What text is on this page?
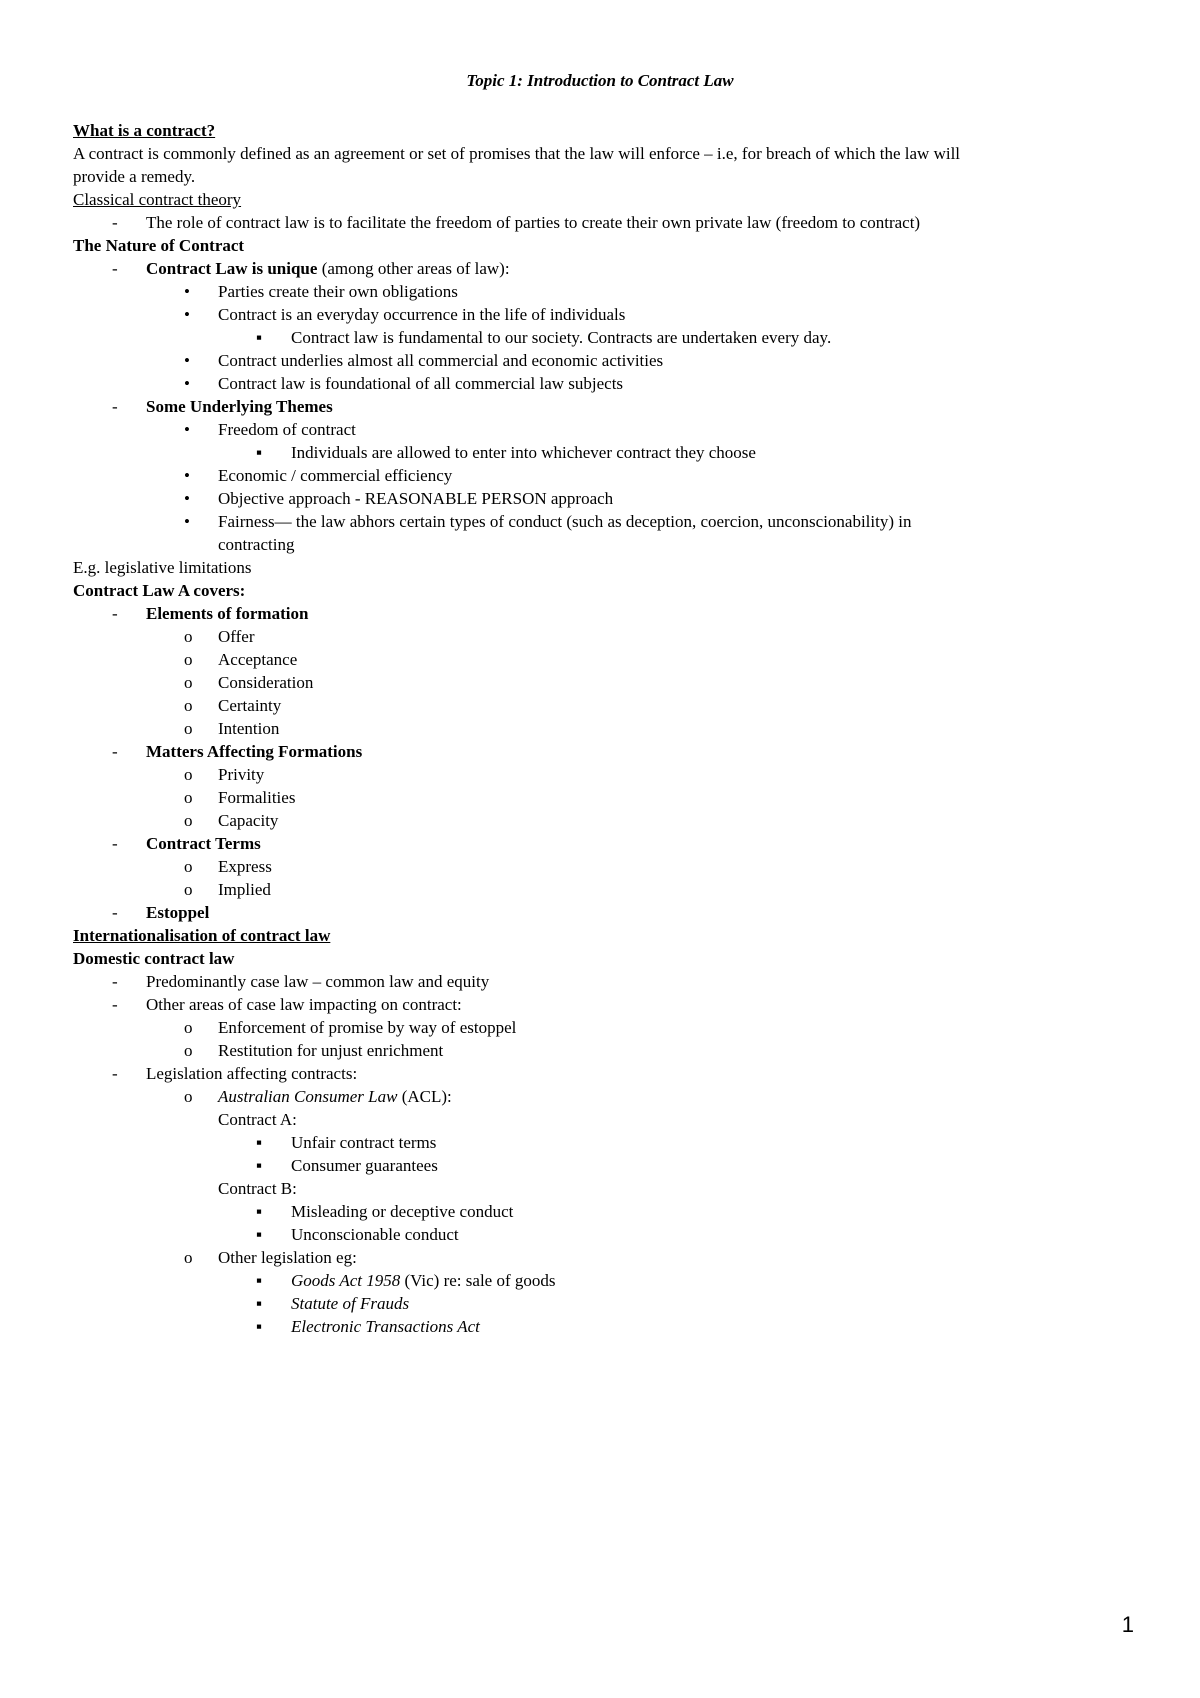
Topic 1: Introduction to Contract Law
What is a contract?
A contract is commonly defined as an agreement or set of promises that the law will enforce – i.e, for breach of which the law will
provide a remedy.
Classical contract theory
- The role of contract law is to facilitate the freedom of parties to create their own private law (freedom to contract)
The Nature of Contract
- Contract Law is unique (among other areas of law):
• Parties create their own obligations
• Contract is an everyday occurrence in the life of individuals
▪ Contract law is fundamental to our society. Contracts are undertaken every day.
• Contract underlies almost all commercial and economic activities
• Contract law is foundational of all commercial law subjects
- Some Underlying Themes
• Freedom of contract
▪ Individuals are allowed to enter into whichever contract they choose
• Economic / commercial efficiency
• Objective approach - REASONABLE PERSON approach
• Fairness— the law abhors certain types of conduct (such as deception, coercion, unconscionability) in
contracting
E.g. legislative limitations
Contract Law A covers:
- Elements of formation
o Offer
o Acceptance
o Consideration
o Certainty
o Intention
- Matters Affecting Formations
o Privity
o Formalities
o Capacity
- Contract Terms
o Express
o Implied
- Estoppel
Internationalisation of contract law
Domestic contract law
- Predominantly case law – common law and equity
- Other areas of case law impacting on contract:
o Enforcement of promise by way of estoppel
o Restitution for unjust enrichment
- Legislation affecting contracts:
o Australian Consumer Law (ACL):
Contract A:
▪ Unfair contract terms
▪ Consumer guarantees
Contract B:
▪ Misleading or deceptive conduct
▪ Unconscionable conduct
o Other legislation eg:
▪ Goods Act 1958 (Vic) re: sale of goods
▪ Statute of Frauds
▪ Electronic Transactions Act
1
